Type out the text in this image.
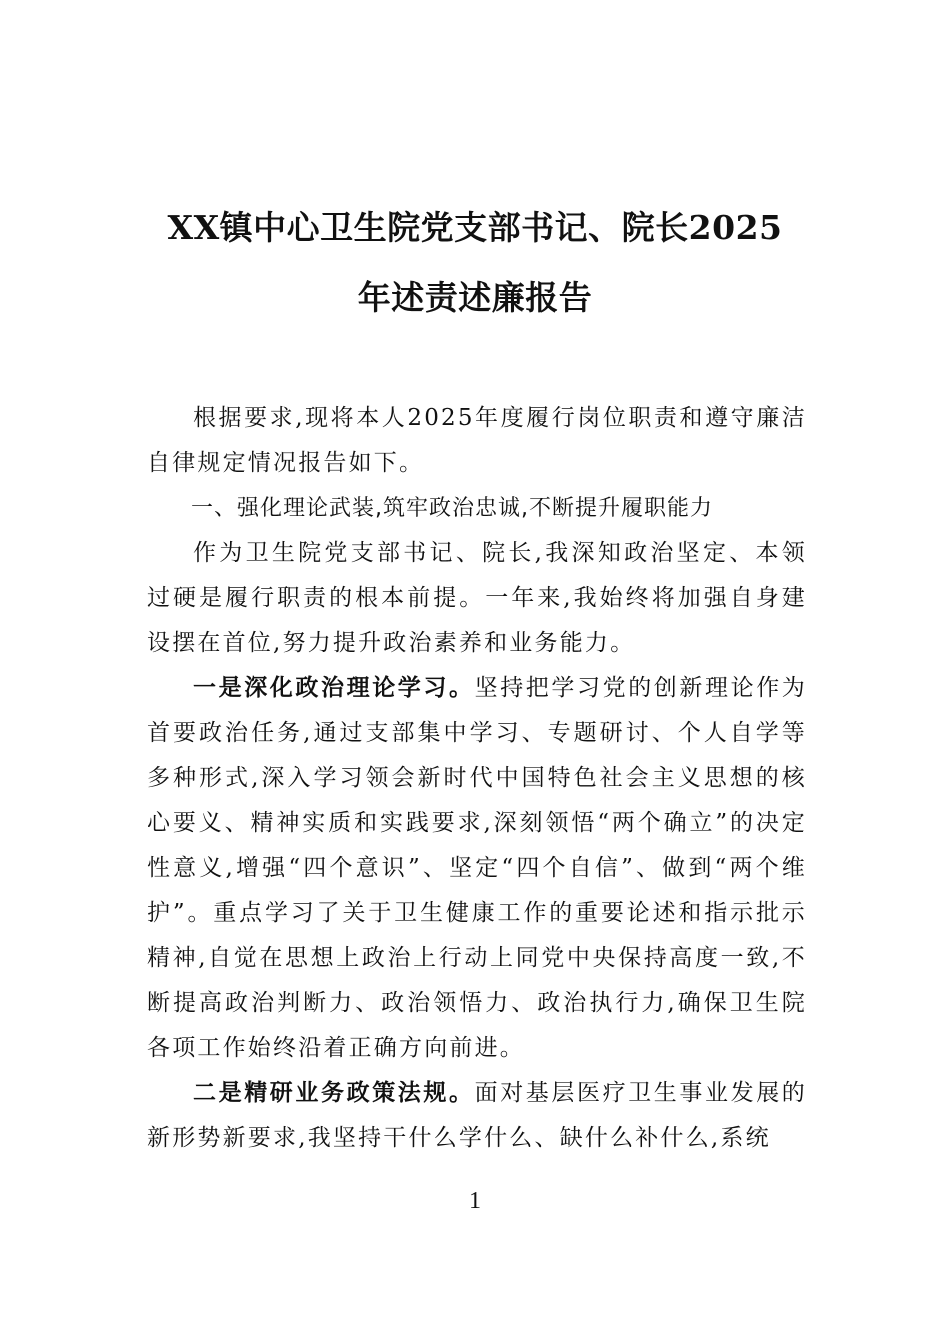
XX镇中心卫生院党支部书记、院长2025
年述责述廉报告

根据要求,现将本人2025年度履行岗位职责和遵守廉洁自律规定情况报告如下。

一、强化理论武装,筑牢政治忠诚,不断提升履职能力

作为卫生院党支部书记、院长,我深知政治坚定、本领过硬是履行职责的根本前提。一年来,我始终将加强自身建设摆在首位,努力提升政治素养和业务能力。

一是深化政治理论学习。坚持把学习党的创新理论作为首要政治任务,通过支部集中学习、专题研讨、个人自学等多种形式,深入学习领会新时代中国特色社会主义思想的核心要义、精神实质和实践要求,深刻领悟“两个确立”的决定性意义,增强“四个意识”、坚定“四个自信”、做到“两个维护”。重点学习了关于卫生健康工作的重要论述和指示批示精神,自觉在思想上政治上行动上同党中央保持高度一致,不断提高政治判断力、政治领悟力、政治执行力,确保卫生院各项工作始终沿着正确方向前进。

二是精研业务政策法规。面对基层医疗卫生事业发展的新形势新要求,我坚持干什么学什么、缺什么补什么,系统

1
